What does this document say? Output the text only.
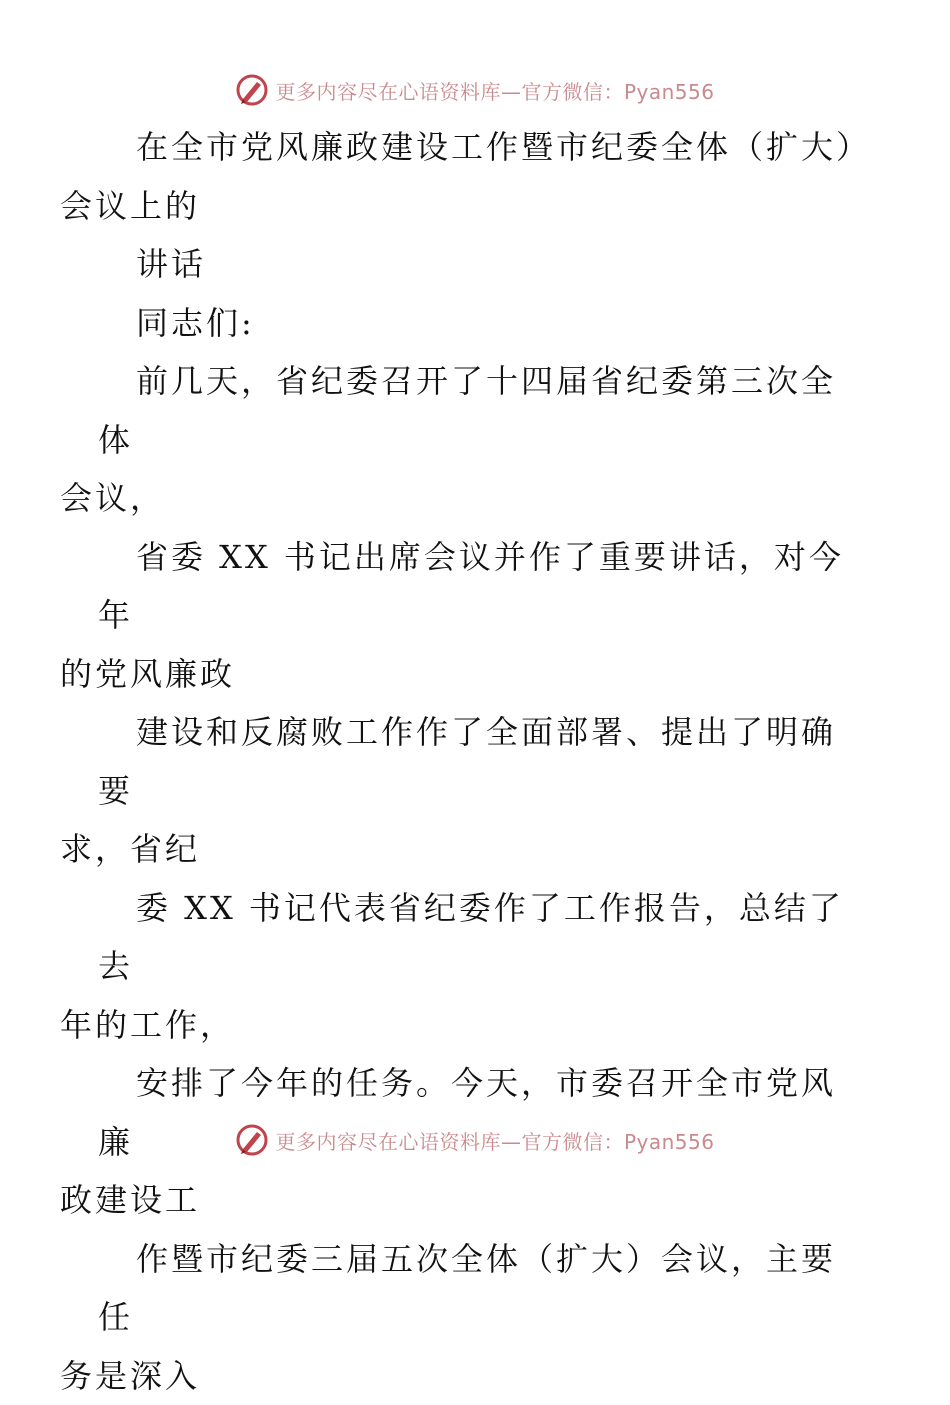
更多内容尽在心语资料库—官方微信：Pyan556

在全市党风廉政建设工作暨市纪委全体（扩大）
会议上的

讲话

同志们:

前几天，省纪委召开了十四届省纪委第三次全体
会议，

省委 XX 书记出席会议并作了重要讲话，对今年
的党风廉政

建设和反腐败工作作了全面部署、提出了明确要
求，省纪

委 XX 书记代表省纪委作了工作报告，总结了去
年的工作，

安排了今年的任务。今天，市委召开全市党风廉
政建设工

作暨市纪委三届五次全体（扩大）会议，主要任
务是深入

更多内容尽在心语资料库—官方微信：Pyan556
